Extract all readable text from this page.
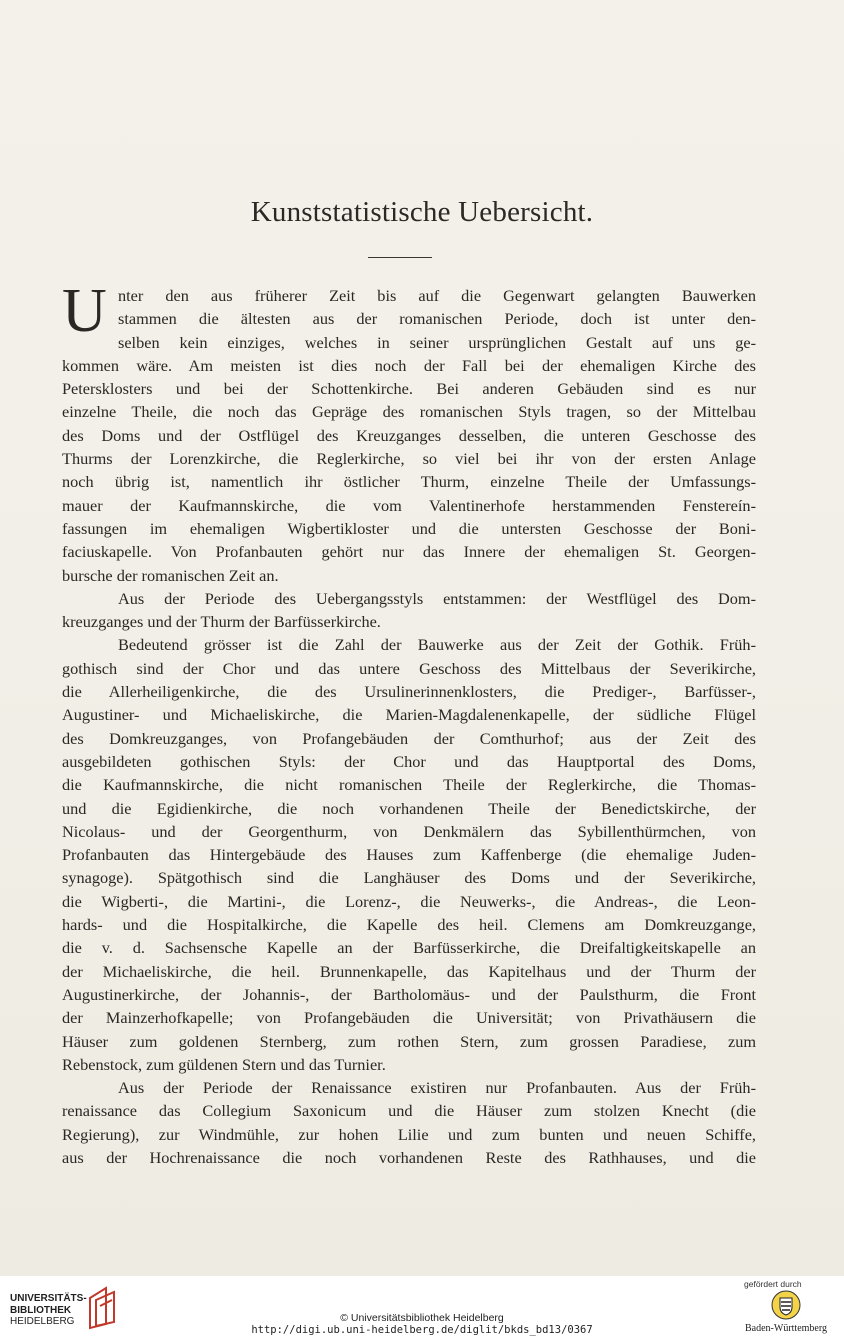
Kunststatistische Uebersicht.
U nter den aus früherer Zeit bis auf die Gegenwart gelangten Bauwerken
stammen die ältesten aus der romanischen Periode, doch ist unter den-
selben kein einziges, welches in seiner ursprünglichen Gestalt auf uns ge-
kommen wäre. Am meisten ist dies noch der Fall bei der ehemaligen Kirche des
Petersklosters und bei der Schottenkirche. Bei anderen Gebäuden sind es nur
einzelne Theile, die noch das Gepräge des romanischen Styls tragen, so der Mittelbau
des Doms und der Ostflügel des Kreuzganges desselben, die unteren Geschosse des
Thurms der Lorenzkirche, die Reglerkirche, so viel bei ihr von der ersten Anlage
noch übrig ist, namentlich ihr östlicher Thurm, einzelne Theile der Umfassungs-
mauer der Kaufmannskirche, die vom Valentinerhofe herstammenden Fenstereín-
fassungen im ehemaligen Wigbertikloster und die untersten Geschosse der Boni-
faciuskapelle. Von Profanbauten gehört nur das Innere der ehemaligen St. Georgen-
bursche der romanischen Zeit an.
Aus der Periode des Uebergangsstyls entstammen: der Westflügel des Dom-
kreuzganges und der Thurm der Barfüsserkirche.
Bedeutend grösser ist die Zahl der Bauwerke aus der Zeit der Gothik. Früh-
gothisch sind der Chor und das untere Geschoss des Mittelbaus der Severikirche,
die Allerheiligenkirche, die des Ursulinerinnenklosters, die Prediger-, Barfüsser-,
Augustiner- und Michaeliskirche, die Marien-Magdalenenkapelle, der südliche Flügel
des Domkreuzganges, von Profangebäuden der Comthurhof; aus der Zeit des
ausgebildeten gothischen Styls: der Chor und das Hauptportal des Doms,
die Kaufmannskirche, die nicht romanischen Theile der Reglerkirche, die Thomas-
und die Egidienkirche, die noch vorhandenen Theile der Benedictskirche, der
Nicolaus- und der Georgenthurm, von Denkmälern das Sybillenthürmchen, von
Profanbauten das Hintergebäude des Hauses zum Kaffenberge (die ehemalige Juden-
synagoge). Spätgothisch sind die Langhäuser des Doms und der Severikirche,
die Wigberti-, die Martini-, die Lorenz-, die Neuwerks-, die Andreas-, die Leon-
hards- und die Hospitalkirche, die Kapelle des heil. Clemens am Domkreuzgange,
die v. d. Sachsensche Kapelle an der Barfüsserkirche, die Dreifaltigkeitskapelle an
der Michaeliskirche, die heil. Brunnenkapelle, das Kapitelhaus und der Thurm der
Augustinerkirche, der Johannis-, der Bartholomäus- und der Paulsthurm, die Front
der Mainzerhofkapelle; von Profangebäuden die Universität; von Privathäusern die
Häuser zum goldenen Sternberg, zum rothen Stern, zum grossen Paradiese, zum
Rebenstock, zum güldenen Stern und das Turnier.
Aus der Periode der Renaissance existiren nur Profanbauten. Aus der Früh-
renaissance das Collegium Saxonicum und die Häuser zum stolzen Knecht (die
Regierung), zur Windmühle, zur hohen Lilie und zum bunten und neuen Schiffe,
aus der Hochrenaissance die noch vorhandenen Reste des Rathhauses, und die
UNIVERSITÄTS-
BIBLIOTHEK
HEIDELBERG	© Universitätsbibliothek Heidelberg
http://digi.ub.uni-heidelberg.de/diglit/bkds_bd13/0367
gefördert durch
Baden-Württemberg
